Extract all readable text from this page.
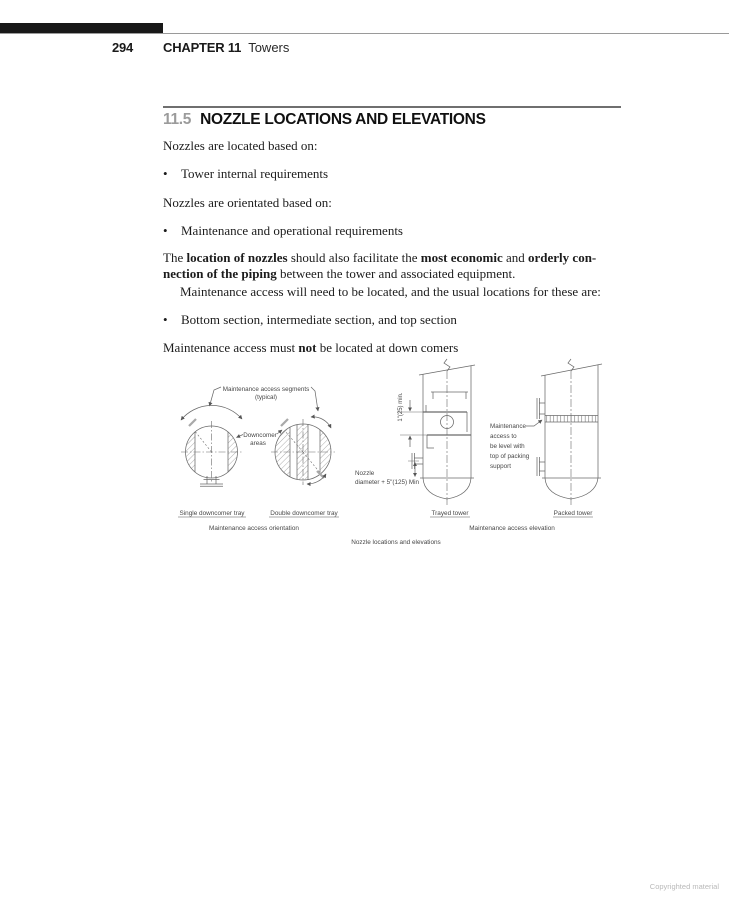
294 CHAPTER 11 Towers
11.5 NOZZLE LOCATIONS AND ELEVATIONS
Nozzles are located based on:
•	Tower internal requirements
Nozzles are orientated based on:
•	Maintenance and operational requirements
The location of nozzles should also facilitate the most economic and orderly con-
nection of the piping between the tower and associated equipment.
Maintenance access will need to be located, and the usual locations for these are:
•	Bottom section, intermediate section, and top section
Maintenance access must not be located at down comers
Maintenance access segments
(typical)
Downcomer
areas
1"(25) min.
Nozzle
diameter + 5"(125) Min
Maintenance
access to
be level with
top of packing
support
Single downcomer tray	Double downcomer tray	Trayed tower	Packed tower
Maintenance access orientation	Maintenance access elevation
Nozzle locations and elevations
Copyrighted material
